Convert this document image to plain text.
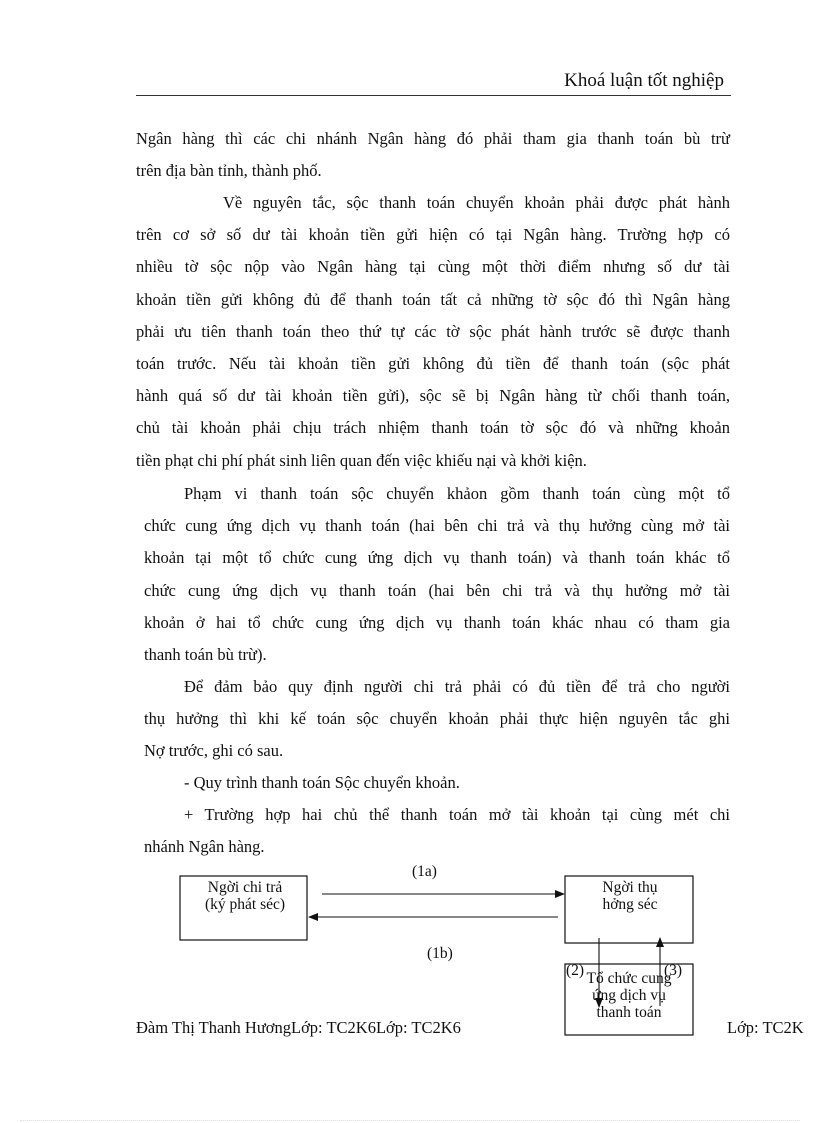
Khoá luận tốt nghiệp
Ngân hàng thì các chi nhánh Ngân hàng đó phải tham gia thanh toán bù trừ
trên địa bàn tỉnh, thành phố.
Về nguyên tắc, sộc thanh toán chuyển khoản phải được phát hành
trên cơ sở số dư tài khoản tiền gửi hiện có tại Ngân hàng. Trường hợp có
nhiều tờ sộc nộp vào Ngân hàng tại cùng một thời điểm nhưng số dư tài
khoản tiền gửi không đủ để thanh toán tất cả những tờ sộc đó thì Ngân hàng
phải ưu tiên thanh toán theo thứ tự các tờ sộc phát hành trước sẽ được thanh
toán trước. Nếu tài khoản tiền gửi không đủ tiền để thanh toán (sộc phát
hành quá số dư tài khoản tiền gửi), sộc sẽ bị Ngân hàng từ chối thanh toán,
chủ tài khoản phải chịu trách nhiệm thanh toán tờ sộc đó và những khoản
tiền phạt chi phí phát sinh liên quan đến việc khiếu nại và khởi kiện.
Phạm vi thanh toán sộc chuyển khảon gồm thanh toán cùng một tổ
chức cung ứng dịch vụ thanh toán (hai bên chi trả và thụ hưởng cùng mở tài
khoản tại một tổ chức cung ứng dịch vụ thanh toán) và thanh toán khác tổ
chức cung ứng dịch vụ thanh toán (hai bên chi trả và thụ hưởng mở tài
khoản ở hai tổ chức cung ứng dịch vụ thanh toán khác nhau có tham gia
thanh toán bù trừ).
Để đảm bảo quy định người chi trả phải có đủ tiền để trả cho người
thụ hưởng thì khi kế toán sộc chuyển khoản phải thực hiện nguyên tắc ghi
Nợ trước, ghi có sau.
- Quy trình thanh toán Sộc chuyển khoản.
+ Trường hợp hai chủ thể thanh toán mở tài khoản tại cùng mét chi
nhánh Ngân hàng.
Ngời chi trả
(ký phát séc)
Ngời thụ
hởng séc
Tổ chức cung
ứng dịch vụ
thanh toán
(1a)
(1b)
(2)	(3)
Đàm Thị Thanh HươngLớp: TC2K6Lớp: TC2K6	Lớp: TC2K
